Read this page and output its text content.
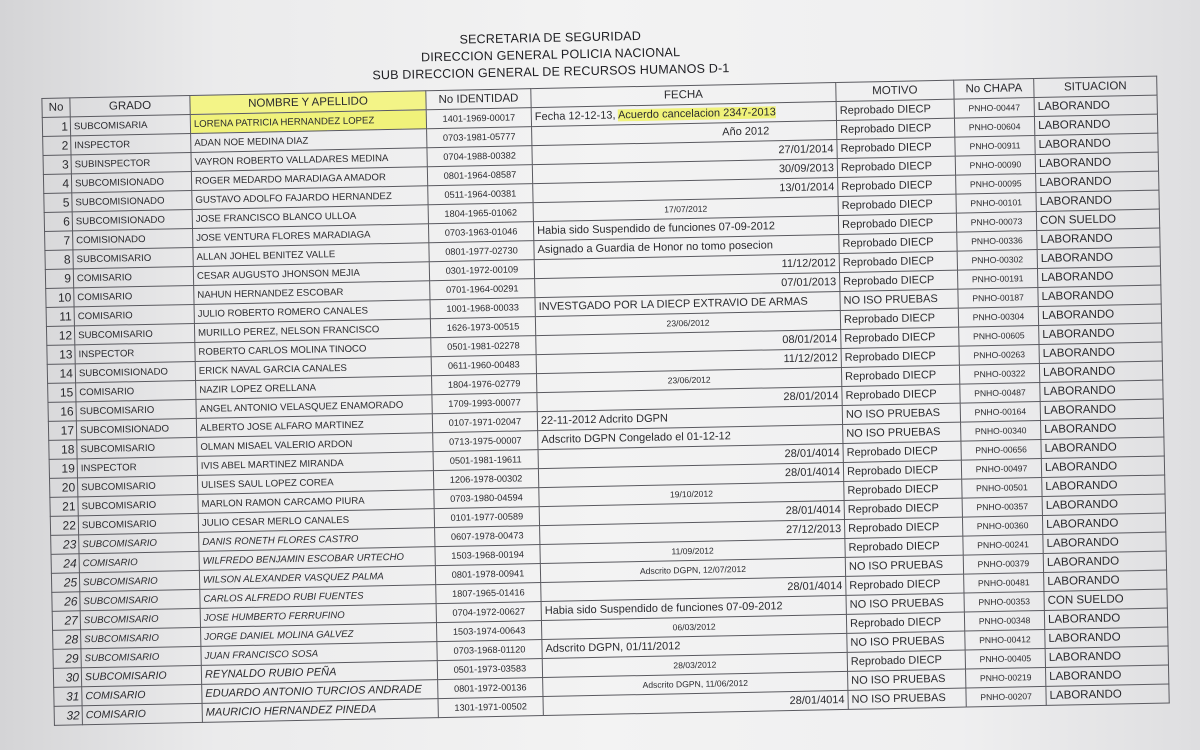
SECRETARIA DE SEGURIDAD
DIRECCION GENERAL POLICIA NACIONAL
SUB DIRECCION GENERAL DE RECURSOS HUMANOS D-1
No	GRADO	NOMBRE Y APELLIDO	No IDENTIDAD	FECHA	MOTIVO	No CHAPA	SITUACION
1	SUBCOMISARIA	LORENA PATRICIA HERNANDEZ LOPEZ	1401-1969-00017	Fecha 12-12-13, Acuerdo cancelacion 2347-2013	Reprobado DIECP	PNHO-00447	LABORANDO
2	INSPECTOR	ADAN NOE MEDINA DIAZ	0703-1981-05777	Año 2012	Reprobado DIECP	PNHO-00604	LABORANDO
3	SUBINSPECTOR	VAYRON ROBERTO VALLADARES MEDINA	0704-1988-00382	27/01/2014	Reprobado DIECP	PNHO-00911	LABORANDO
4	SUBCOMISIONADO	ROGER MEDARDO MARADIAGA AMADOR	0801-1964-08587	30/09/2013	Reprobado DIECP	PNHO-00090	LABORANDO
5	SUBCOMISIONADO	GUSTAVO ADOLFO FAJARDO HERNANDEZ	0511-1964-00381	13/01/2014	Reprobado DIECP	PNHO-00095	LABORANDO
6	SUBCOMISIONADO	JOSE FRANCISCO BLANCO ULLOA	1804-1965-01062	17/07/2012	Reprobado DIECP	PNHO-00101	LABORANDO
7	COMISIONADO	JOSE VENTURA FLORES MARADIAGA	0703-1963-01046	Habia sido Suspendido de funciones 07-09-2012	Reprobado DIECP	PNHO-00073	CON SUELDO
8	SUBCOMISARIO	ALLAN JOHEL BENITEZ VALLE	0801-1977-02730	Asignado a Guardia de Honor no tomo posecion	Reprobado DIECP	PNHO-00336	LABORANDO
9	COMISARIO	CESAR AUGUSTO JHONSON MEJIA	0301-1972-00109	11/12/2012	Reprobado DIECP	PNHO-00302	LABORANDO
10	COMISARIO	NAHUN HERNANDEZ ESCOBAR	0701-1964-00291	07/01/2013	Reprobado DIECP	PNHO-00191	LABORANDO
11	COMISARIO	JULIO ROBERTO ROMERO CANALES	1001-1968-00033	INVESTGADO POR LA DIECP EXTRAVIO DE ARMAS	NO ISO PRUEBAS	PNHO-00187	LABORANDO
12	SUBCOMISARIO	MURILLO PEREZ, NELSON FRANCISCO	1626-1973-00515	23/06/2012	Reprobado DIECP	PNHO-00304	LABORANDO
13	INSPECTOR	ROBERTO CARLOS MOLINA TINOCO	0501-1981-02278	08/01/2014	Reprobado DIECP	PNHO-00605	LABORANDO
14	SUBCOMISIONADO	ERICK NAVAL GARCIA CANALES	0611-1960-00483	11/12/2012	Reprobado DIECP	PNHO-00263	LABORANDO
15	COMISARIO	NAZIR LOPEZ ORELLANA	1804-1976-02779	23/06/2012	Reprobado DIECP	PNHO-00322	LABORANDO
16	SUBCOMISARIO	ANGEL ANTONIO VELASQUEZ ENAMORADO	1709-1993-00077	28/01/2014	Reprobado DIECP	PNHO-00487	LABORANDO
17	SUBCOMISIONADO	ALBERTO JOSE ALFARO MARTINEZ	0107-1971-02047	22-11-2012 Adcrito DGPN	NO ISO PRUEBAS	PNHO-00164	LABORANDO
18	SUBCOMISARIO	OLMAN MISAEL VALERIO ARDON	0713-1975-00007	Adscrito DGPN Congelado el 01-12-12	NO ISO PRUEBAS	PNHO-00340	LABORANDO
19	INSPECTOR	IVIS ABEL MARTINEZ MIRANDA	0501-1981-19611	28/01/4014	Reprobado DIECP	PNHO-00656	LABORANDO
20	SUBCOMISARIO	ULISES SAUL LOPEZ COREA	1206-1978-00302	28/01/4014	Reprobado DIECP	PNHO-00497	LABORANDO
21	SUBCOMISARIO	MARLON RAMON CARCAMO PIURA	0703-1980-04594	19/10/2012	Reprobado DIECP	PNHO-00501	LABORANDO
22	SUBCOMISARIO	JULIO CESAR MERLO CANALES	0101-1977-00589	28/01/4014	Reprobado DIECP	PNHO-00357	LABORANDO
23	SUBCOMISARIO	DANIS RONETH FLORES CASTRO	0607-1978-00473	27/12/2013	Reprobado DIECP	PNHO-00360	LABORANDO
24	COMISARIO	WILFREDO BENJAMIN ESCOBAR URTECHO	1503-1968-00194	11/09/2012	Reprobado DIECP	PNHO-00241	LABORANDO
25	SUBCOMISARIO	WILSON ALEXANDER VASQUEZ PALMA	0801-1978-00941	Adscrito DGPN, 12/07/2012	NO ISO PRUEBAS	PNHO-00379	LABORANDO
26	SUBCOMISARIO	CARLOS ALFREDO RUBI FUENTES	1807-1965-01416	28/01/4014	Reprobado DIECP	PNHO-00481	LABORANDO
27	SUBCOMISARIO	JOSE HUMBERTO FERRUFINO	0704-1972-00627	Habia sido Suspendido de funciones 07-09-2012	NO ISO PRUEBAS	PNHO-00353	CON SUELDO
28	SUBCOMISARIO	JORGE DANIEL MOLINA GALVEZ	1503-1974-00643	06/03/2012	Reprobado DIECP	PNHO-00348	LABORANDO
29	SUBCOMISARIO	JUAN FRANCISCO SOSA	0703-1968-01120	Adscrito DGPN, 01/11/2012	NO ISO PRUEBAS	PNHO-00412	LABORANDO
30	SUBCOMISARIO	REYNALDO RUBIO PEÑA	0501-1973-03583	28/03/2012	Reprobado DIECP	PNHO-00405	LABORANDO
31	COMISARIO	EDUARDO ANTONIO TURCIOS ANDRADE	0801-1972-00136	Adscrito DGPN, 11/06/2012	NO ISO PRUEBAS	PNHO-00219	LABORANDO
32	COMISARIO	MAURICIO HERNANDEZ PINEDA	1301-1971-00502	28/01/4014	NO ISO PRUEBAS	PNHO-00207	LABORANDO
